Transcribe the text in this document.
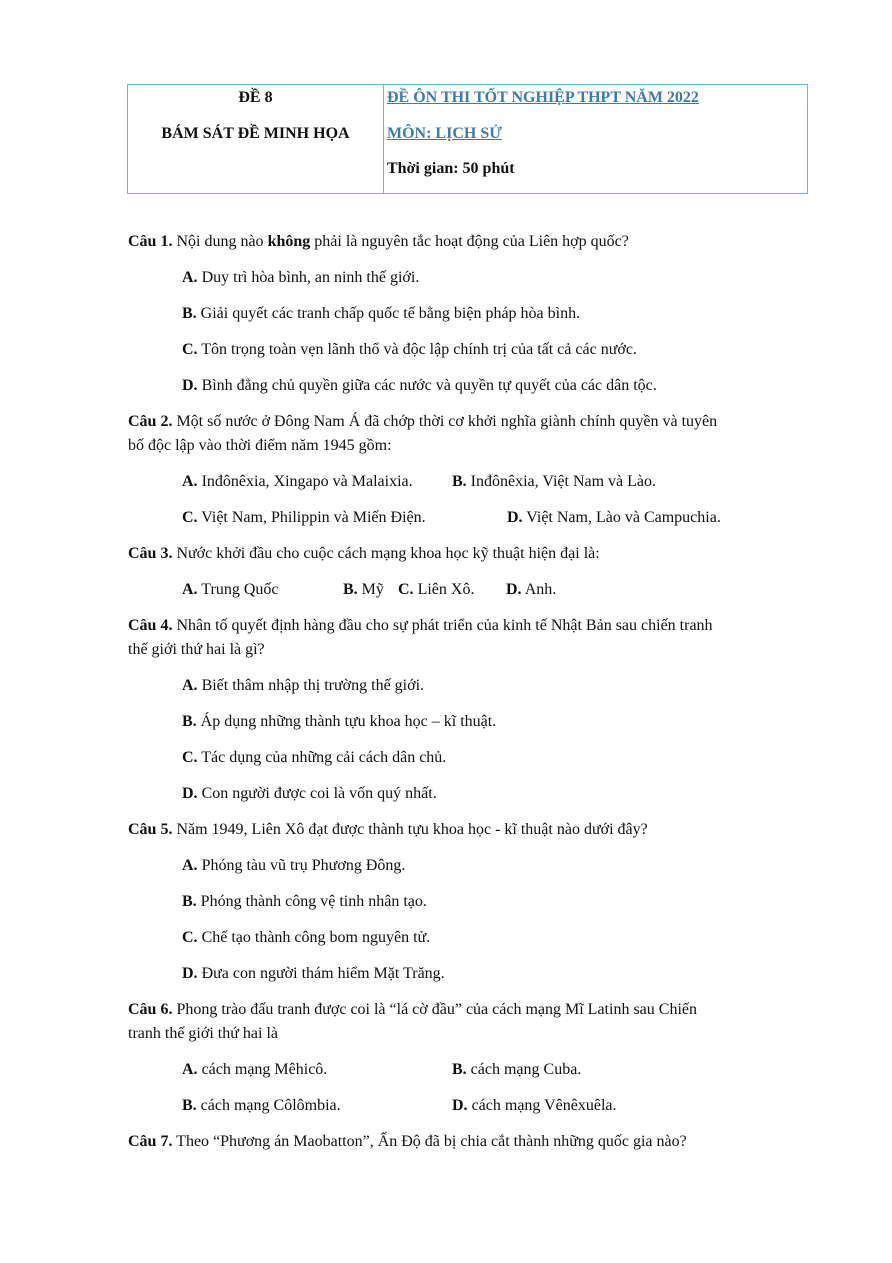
ĐỀ 8
BÁM SÁT ĐỀ MINH HỌA
ĐỀ ÔN THI TỐT NGHIỆP THPT NĂM 2022
MÔN: LỊCH SỬ
Thời gian: 50 phút
Câu 1. Nội dung nào không phải là nguyên tắc hoạt động của Liên hợp quốc?
A. Duy trì hòa bình, an ninh thế giới.
B. Giải quyết các tranh chấp quốc tế bằng biện pháp hòa bình.
C. Tôn trọng toàn vẹn lãnh thổ và độc lập chính trị của tất cả các nước.
D. Bình đẳng chủ quyền giữa các nước và quyền tự quyết của các dân tộc.
Câu 2. Một số nước ở Đông Nam Á đã chớp thời cơ khởi nghĩa giành chính quyền và tuyên
bố độc lập vào thời điểm năm 1945 gồm:
A. Inđônêxia, Xingapo và Malaixia. B. Inđônêxia, Việt Nam và Lào.
C. Việt Nam, Philippin và Miến Điện.	D. Việt Nam, Lào và Campuchia.
Câu 3. Nước khởi đầu cho cuộc cách mạng khoa học kỹ thuật hiện đại là:
A. Trung Quốc	B. Mỹ C. Liên Xô. D. Anh.
Câu 4. Nhân tố quyết định hàng đầu cho sự phát triển của kinh tế Nhật Bản sau chiến tranh
thế giới thứ hai là gì?
A. Biết thâm nhập thị trường thế giới.
B. Áp dụng những thành tựu khoa học – kĩ thuật.
C. Tác dụng của những cải cách dân chủ.
D. Con người được coi là vốn quý nhất.
Câu 5. Năm 1949, Liên Xô đạt được thành tựu khoa học - kĩ thuật nào dưới đây?
A. Phóng tàu vũ trụ Phương Đông.
B. Phóng thành công vệ tinh nhân tạo.
C. Chế tạo thành công bom nguyên tử.
D. Đưa con người thám hiểm Mặt Trăng.
Câu 6. Phong trào đấu tranh được coi là “lá cờ đầu” của cách mạng Mĩ Latinh sau Chiến
tranh thế giới thứ hai là
A. cách mạng Mêhicô.	B. cách mạng Cuba.
B. cách mạng Côlômbia.	D. cách mạng Vênêxuêla.
Câu 7. Theo “Phương án Maobatton”, Ấn Độ đã bị chia cắt thành những quốc gia nào?
